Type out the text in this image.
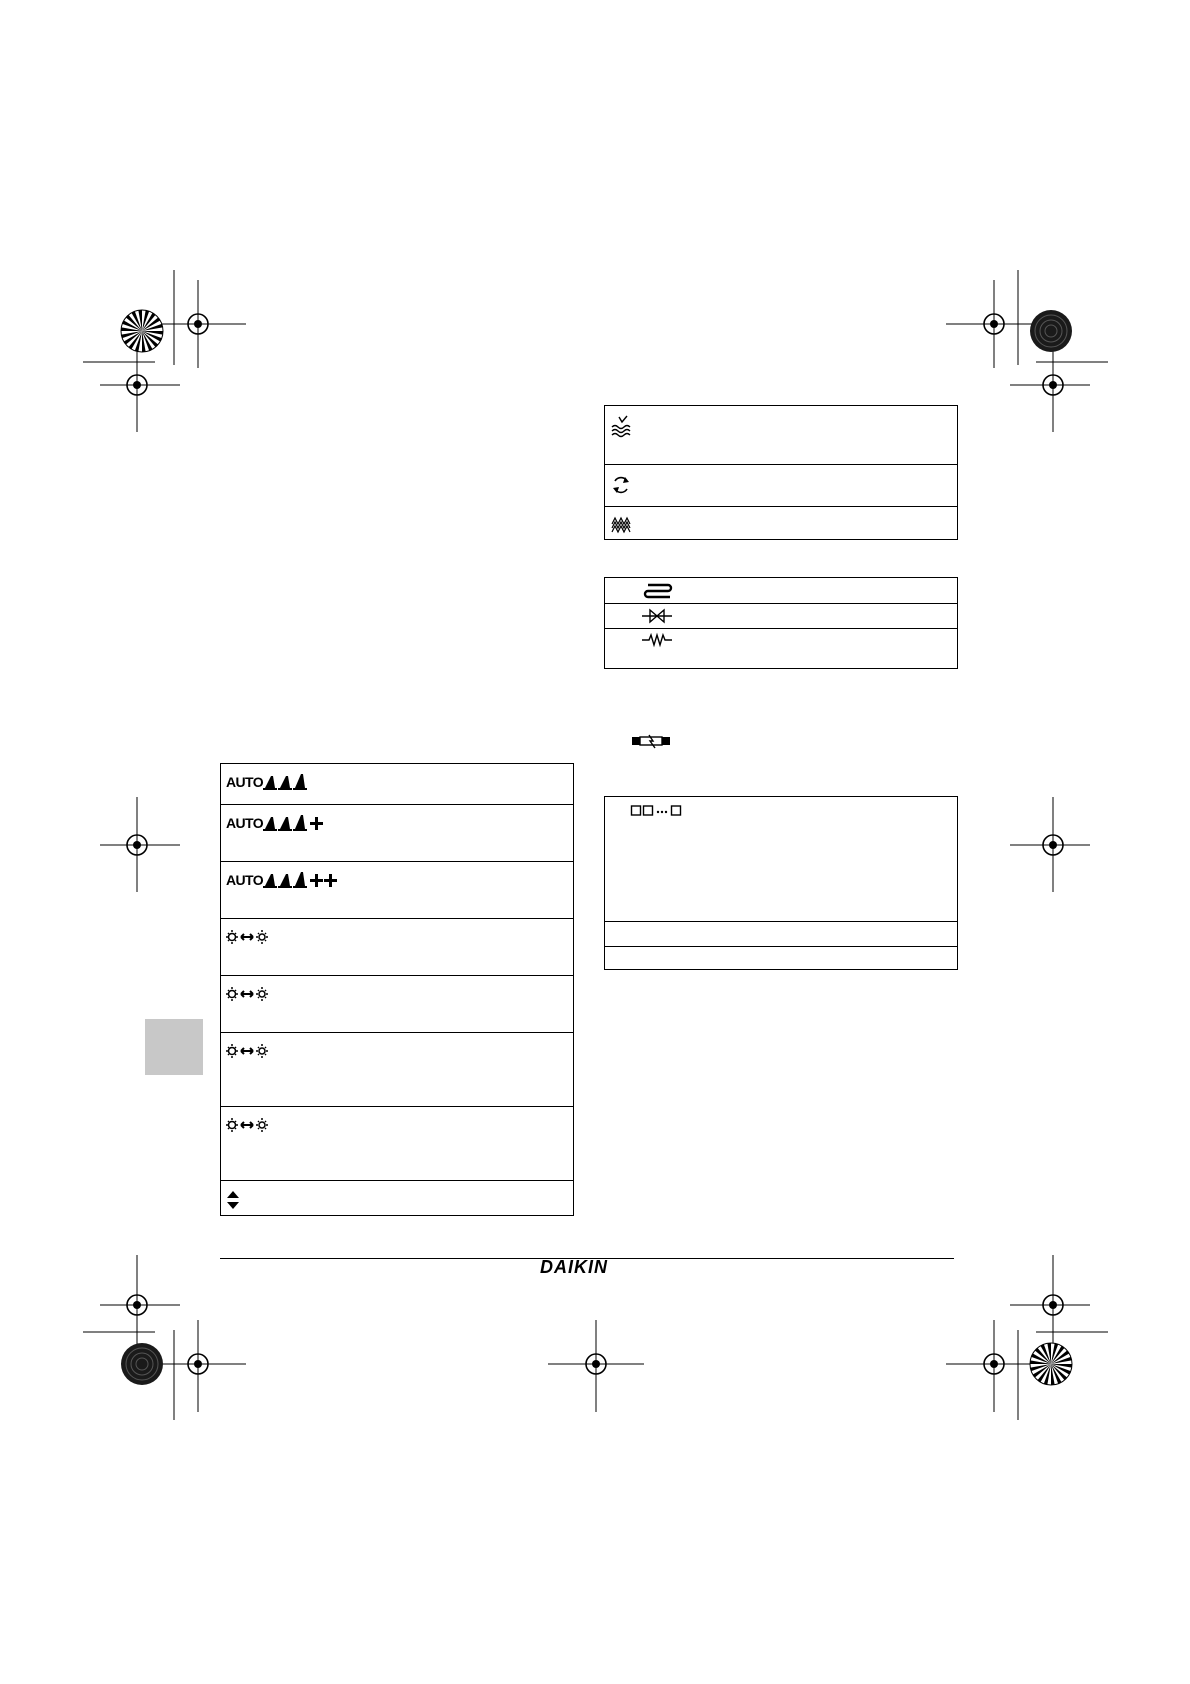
AUTO
AUTO
AUTO
DAIKIN
